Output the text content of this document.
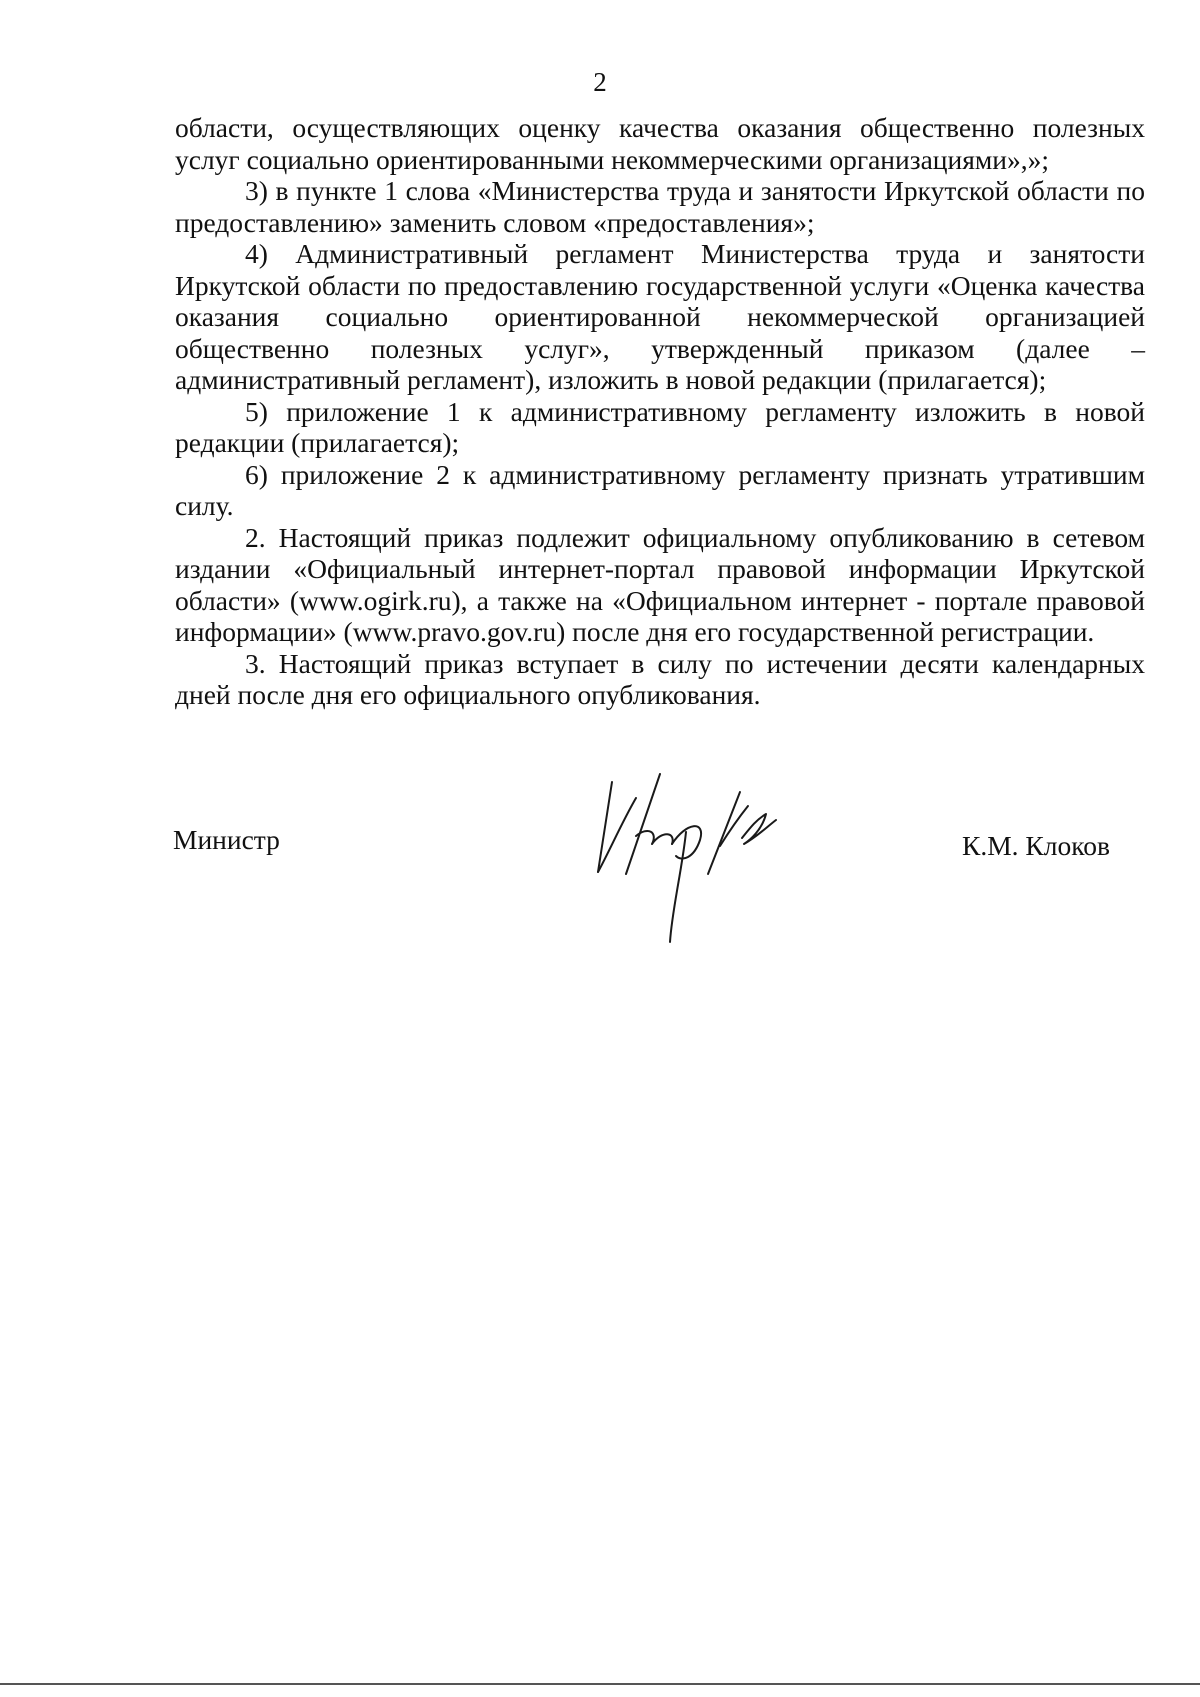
2

области, осуществляющих оценку качества оказания общественно полезных услуг социально ориентированными некоммерческими организациями»,»;

3) в пункте 1 слова «Министерства труда и занятости Иркутской области по предоставлению» заменить словом «предоставления»;

4) Административный регламент Министерства труда и занятости Иркутской области по предоставлению государственной услуги «Оценка качества оказания социально ориентированной некоммерческой организацией общественно полезных услуг», утвержденный приказом (далее – административный регламент), изложить в новой редакции (прилагается);

5) приложение 1 к административному регламенту изложить в новой редакции (прилагается);

6) приложение 2 к административному регламенту признать утратившим силу.

2. Настоящий приказ подлежит официальному опубликованию в сетевом издании «Официальный интернет-портал правовой информации Иркутской области» (www.ogirk.ru), а также на «Официальном интернет - портале правовой информации» (www.pravo.gov.ru) после дня его государственной регистрации.

3. Настоящий приказ вступает в силу по истечении десяти календарных дней после дня его официального опубликования.

Министр	К.М. Клоков
